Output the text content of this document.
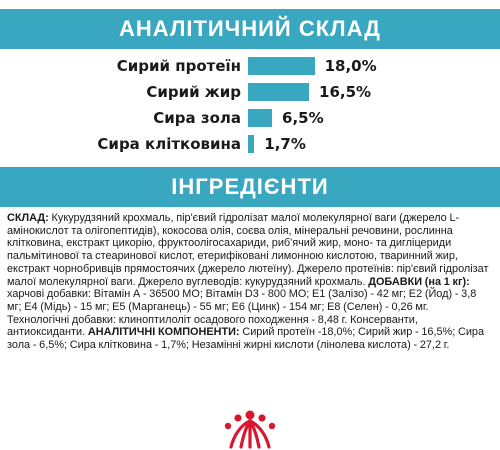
АНАЛІТИЧНИЙ СКЛАД
Сирий протеїн	18,0%
Сирий жир	16,5%
Сира зола	6,5%
Сира клітковина 1,7%
ІНГРЕДІЄНТИ

СКЛАД: Кукурудзяний крохмаль, пір'євий гідролізат малої молекулярної ваги (джерело L-амінокислот та олігопептидів), кокосова олія, соєва олія, мінеральні речовини, рослинна клітковина, екстракт цикорію, фруктоолігосахариди, риб'ячий жир, моно- та дигліцериди пальмітинової та стеаринової кислот, етерифіковані лимонною кислотою, тваринний жир, екстракт чорнобривців прямостоячих (джерело лютеїну). Джерело протеїнів: пір'євий гідролізат малої молекулярної ваги. Джерело вуглеводів: кукурудзяний крохмаль. ДОБАВКИ (на 1 кг): харчові добавки: Вітамін А - 36500 МО; Вітамін D3 - 800 МО; E1 (Залізо) - 42 мг; E2 (Йод) - 3,8 мг; E4 (Мідь) - 15 мг; E5 (Марганець) - 55 мг; E6 (Цинк) - 154 мг; E8 (Селен) - 0,26 мг. Технологічні добавки: клиноптилоліт осадового походження - 8,48 г. Консерванти, антиоксиданти. АНАЛІТИЧНІ КОМПОНЕНТИ: Сирий протеїн -18,0%; Сирий жир - 16,5%; Сира зола - 6,5%; Сира клітковина - 1,7%; Незамінні жирні кислоти (лінолева кислота) - 27,2 г.
